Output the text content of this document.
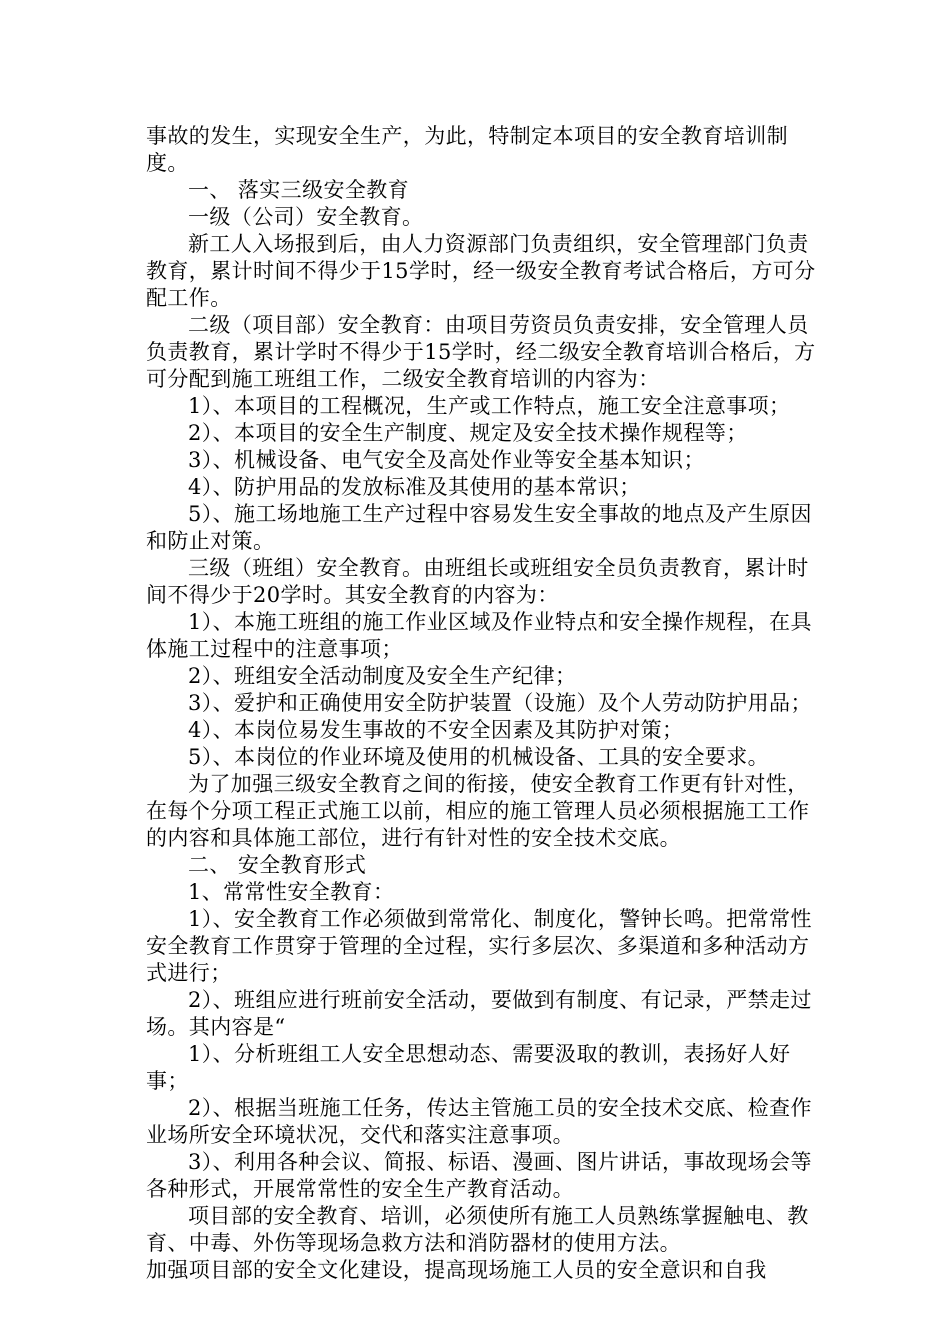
事故的发生，实现安全生产，为此，特制定本项目的安全教育培训制度。

一、 落实三级安全教育

一级（公司）安全教育。

新工人入场报到后，由人力资源部门负责组织，安全管理部门负责教育，累计时间不得少于15学时，经一级安全教育考试合格后，方可分配工作。

二级（项目部）安全教育：由项目劳资员负责安排，安全管理人员负责教育，累计学时不得少于15学时，经二级安全教育培训合格后，方可分配到施工班组工作，二级安全教育培训的内容为：

1）、本项目的工程概况，生产或工作特点，施工安全注意事项；

2）、本项目的安全生产制度、规定及安全技术操作规程等；

3）、机械设备、电气安全及高处作业等安全基本知识；

4）、防护用品的发放标准及其使用的基本常识；

5）、施工场地施工生产过程中容易发生安全事故的地点及产生原因和防止对策。

三级（班组）安全教育。由班组长或班组安全员负责教育，累计时间不得少于20学时。其安全教育的内容为：

1）、本施工班组的施工作业区域及作业特点和安全操作规程，在具体施工过程中的注意事项；

2）、班组安全活动制度及安全生产纪律；

3）、爱护和正确使用安全防护装置（设施）及个人劳动防护用品；

4）、本岗位易发生事故的不安全因素及其防护对策；

5）、本岗位的作业环境及使用的机械设备、工具的安全要求。

为了加强三级安全教育之间的衔接，使安全教育工作更有针对性，在每个分项工程正式施工以前，相应的施工管理人员必须根据施工工作的内容和具体施工部位，进行有针对性的安全技术交底。

二、 安全教育形式

1、常常性安全教育：

1）、安全教育工作必须做到常常化、制度化，警钟长鸣。把常常性安全教育工作贯穿于管理的全过程，实行多层次、多渠道和多种活动方式进行；

2）、班组应进行班前安全活动，要做到有制度、有记录，严禁走过场。其内容是“

1）、分析班组工人安全思想动态、需要汲取的教训，表扬好人好事；

2）、根据当班施工任务，传达主管施工员的安全技术交底、检查作业场所安全环境状况，交代和落实注意事项。

3）、利用各种会议、简报、标语、漫画、图片讲话，事故现场会等各种形式，开展常常性的安全生产教育活动。

项目部的安全教育、培训，必须使所有施工人员熟练掌握触电、教育、中毒、外伤等现场急救方法和消防器材的使用方法。

加强项目部的安全文化建设，提高现场施工人员的安全意识和自我
